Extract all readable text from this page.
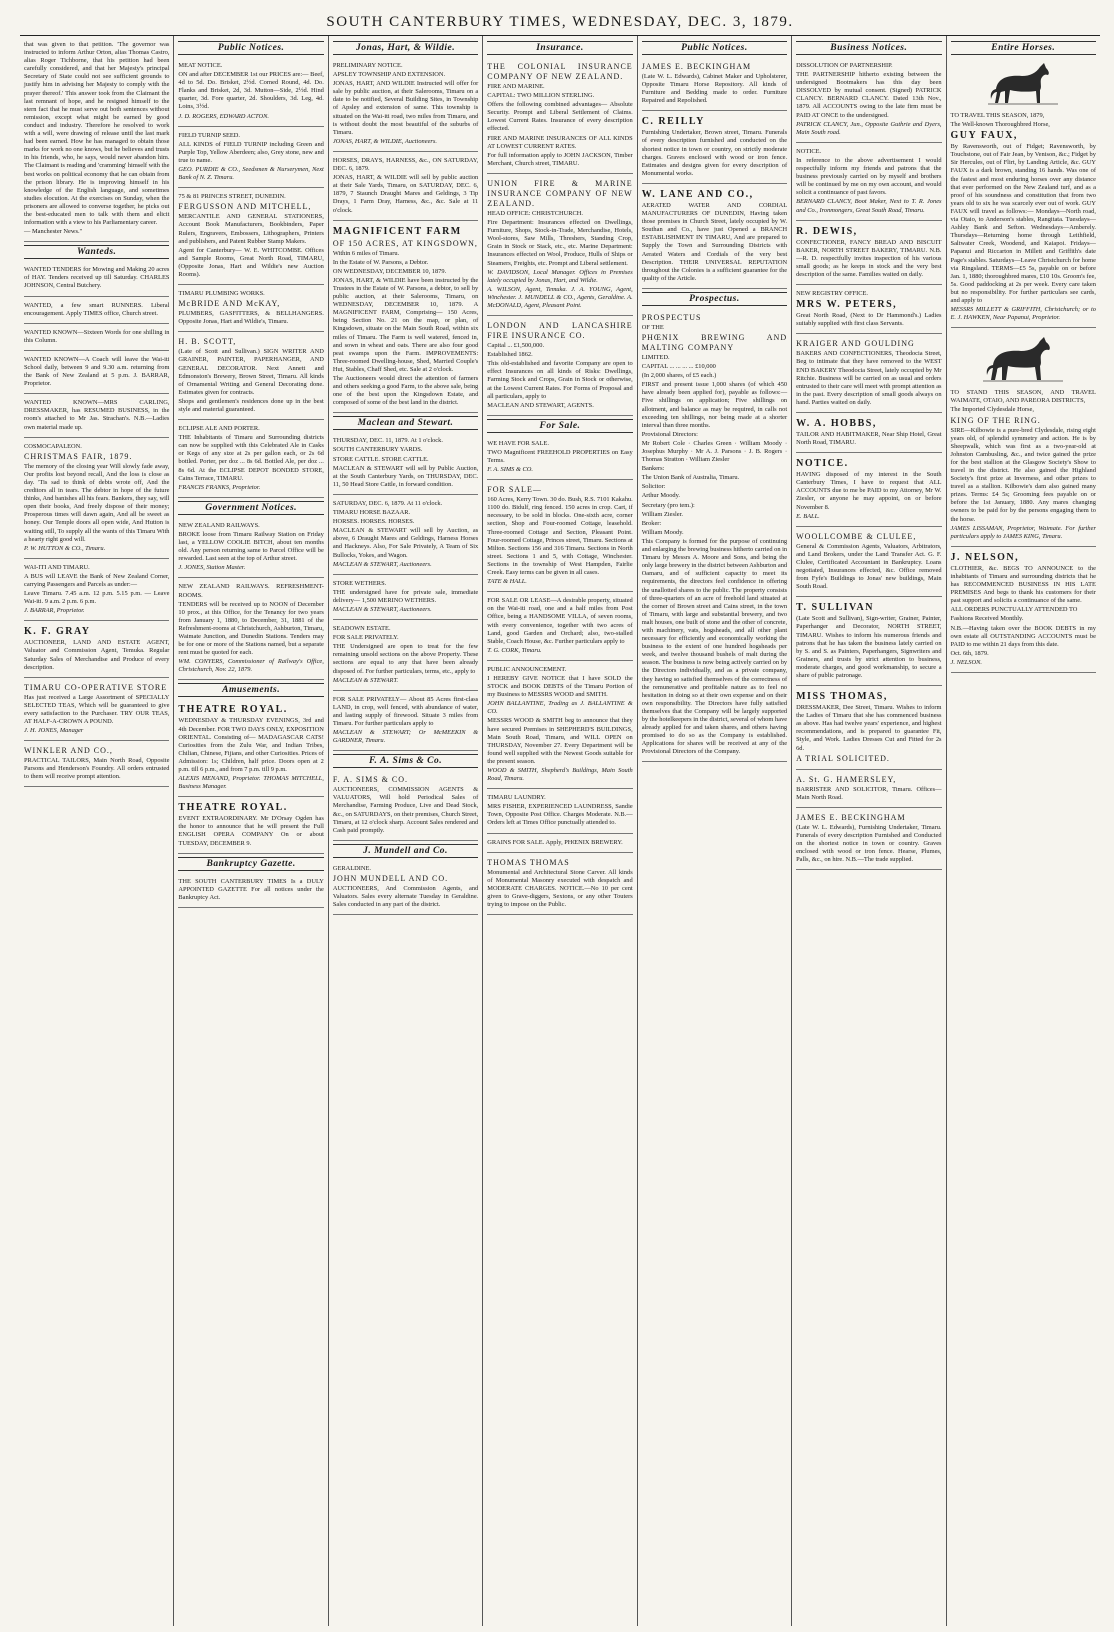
SOUTH CANTERBURY TIMES, WEDNESDAY, DEC. 3, 1879.

that was given to that petition. 'The governor was instructed to inform Arthur Orton, alias Thomas Castro, alias Roger Tichborne, that his petition had been carefully considered, and that her Majesty's principal Secretary of State could not see sufficient grounds to justify him in advising her Majesty to comply with the prayer thereof.' This answer took from the Claimant the last remnant of hope, and he resigned himself to the stern fact that he must serve out both sentences without remission, except what might be earned by good conduct and industry. Therefore he resolved to work with a will, were drawing of release until the last mark had been earned. How he has managed to obtain those marks for work no one knows, but he believes and trusts in his friends, who, he says, would never abandon him. The Claimant is reading and 'cramming' himself with the best works on political economy that he can obtain from the prison library. He is improving himself in his knowledge of the English language, and sometimes studies elocution. At the exercises on Sunday, when the prisoners are allowed to converse together, he picks out the best-educated men to talk with them and elicit information with a view to his Parliamentary career.

— Manchester News."

Wanteds.

WANTED TENDERS for Mowing and Making 20 acres of HAY. Tenders received up till Saturday. CHARLES JOHNSON, Central Butchery.

WANTED, a few smart RUNNERS. Liberal encouragement. Apply TIMES office, Church street.

WANTED KNOWN—Sixteen Words for one shilling in this Column.

WANTED KNOWN—A Coach will leave the Wai-iti School daily, between 9 and 9.30 a.m. returning from the Bank of New Zealand at 5 p.m. J. BARRAR, Proprietor.

WANTED KNOWN—MRS CARLING, DRESSMAKER, has RESUMED BUSINESS, in the room's attached to Mr Jas. Strachan's. N.B.—Ladies own material made up.

COSMOCAPALEON.

CHRISTMAS FAIR, 1879.

The memory of the closing year Will slowly fade away, Our profits lost beyond recall, And the loss is close as day. 'Tis sad to think of debts wrote off, And the creditors all in tears. The debtor in hope of the future thinks, And banishes all his fears. Bankers, they say, will open their books, And freely dispose of their money; Prosperous times will dawn again, And all be sweet as honey. Our Temple doors all open wide, And Hutton is waiting still, To supply all the wants of this Timaru With a hearty right good will.

P. W. HUTTON & CO., Timaru.

WAI-ITI AND TIMARU.

A BUS will LEAVE the Bank of New Zealand Corner, carrying Passengers and Parcels as under:—

Leave Timaru. 7.45 a.m. 12 p.m. 5.15 p.m. — Leave Wai-iti. 9 a.m. 2 p.m. 6 p.m.

J. BARRAR, Proprietor.

K. F. GRAY

AUCTIONEER, LAND AND ESTATE AGENT, Valuator and Commission Agent, Temuka. Regular Saturday Sales of Merchandise and Produce of every description.

TIMARU CO-OPERATIVE STORE

Has just received a Large Assortment of SPECIALLY SELECTED TEAS, Which will be guaranteed to give every satisfaction to the Purchaser. TRY OUR TEAS, AT HALF-A-CROWN A POUND.

J. H. JONES, Manager

WINKLER AND CO.,

PRACTICAL TAILORS, Main North Road, Opposite Parsons and Henderson's Foundry. All orders entrusted to them will receive prompt attention.

Public Notices.

MEAT NOTICE.

ON and after DECEMBER 1st our PRICES are:— Beef, 4d to 5d. Do. Brisket, 2½d. Corned Round, 4d. Do. Flanks and Brisket, 2d, 3d. Mutton—Side, 2½d. Hind quarter, 3d. Fore quarter, 2d. Shoulders, 3d. Leg, 4d. Loins, 3½d.

J. D. ROGERS, EDWARD ACTON.

FIELD TURNIP SEED.

ALL KINDS of FIELD TURNIP including Green and Purple Top, Yellow Aberdeen; also, Grey stone, new and true to name.

GEO. PURDIE & CO., Seedsmen & Nurserymen, Next Bank of N. Z. Timaru.

75 & 81 PRINCES STREET, DUNEDIN.

FERGUSSON AND MITCHELL,

MERCANTILE AND GENERAL STATIONERS, Account Book Manufacturers, Bookbinders, Paper Rulers, Engravers, Embossers, Lithographers, Printers and publishers, and Patent Rubber Stamp Makers.

Agent for Canterbury— W. E. WHITCOMBE. Offices and Sample Rooms, Great North Road, TIMARU, (Opposite Jonas, Hart and Wildie's new Auction Rooms).

TIMARU PLUMBING WORKS.

McBRIDE AND McKAY,

PLUMBERS, GASFITTERS, & BELLHANGERS. Opposite Jonas, Hart and Wildie's, Timaru.

H. B. SCOTT,

(Late of Scott and Sullivan.) SIGN WRITER AND GRAINER, PAINTER, PAPERHANGER, AND GENERAL DECORATOR. Next Annett and Edmonston's Brewery, Brown Street, Timaru. All kinds of Ornamental Writing and General Decorating done. Estimates given for contracts.

Shops and gentlemen's residences done up in the best style and material guaranteed.

ECLIPSE ALE AND PORTER.

THE Inhabitants of Timaru and Surrounding districts can now be supplied with this Celebrated Ale in Casks or Kegs of any size at 2s per gallon each, or 2s 6d bottled. Porter, per doz ... 8s 6d. Bottled Ale, per doz ... 8s 6d. At the ECLIPSE DEPOT BONDED STORE, Cains Terrace, TIMARU.

FRANCIS FRANKS, Proprietor.

Government Notices.

NEW ZEALAND RAILWAYS.

BROKE loose from Timaru Railway Station on Friday last, a YELLOW COOLIE BITCH, about ten months old. Any person returning same to Parcel Office will be rewarded. Last seen at the top of Arthur street.

J. JONES, Station Master.

NEW ZEALAND RAILWAYS. REFRESHMENT-ROOMS.

TENDERS will be received up to NOON of December 10 prox., at this Office, for the Tenancy for two years from January 1, 1880, to December, 31, 1881 of the Refreshment-rooms at Christchurch, Ashburton, Timaru, Waimate Junction, and Dunedin Stations. Tenders may be for one or more of the Stations named, but a separate rent must be quoted for each.

WM. CONYERS, Commissioner of Railway's Office, Christchurch, Nov. 22, 1879.

Amusements.

THEATRE ROYAL.

WEDNESDAY & THURSDAY EVENINGS, 3rd and 4th December. FOR TWO DAYS ONLY, EXPOSITION ORIENTAL. Consisting of— MADAGASCAR CATS! Curiosities from the Zulu War, and Indian Tribes, Chilian, Chinese, Fijians, and other Curiosities. Prices of Admission: 1s; Children, half price. Doors open at 2 p.m. till 6 p.m., and from 7 p.m. till 9 p.m.

ALEXIS MENAND, Proprietor. THOMAS MITCHELL, Business Manager.

THEATRE ROYAL.

EVENT EXTRAORDINARY. Mr D'Orsay Ogden has the honor to announce that he will present the Full ENGLISH OPERA COMPANY On or about TUESDAY, DECEMBER 9.

Bankruptcy Gazette.

THE SOUTH CANTERBURY TIMES Is a DULY APPOINTED GAZETTE For all notices under the Bankruptcy Act.

Jonas, Hart, & Wildie.

PRELIMINARY NOTICE.

APSLEY TOWNSHIP AND EXTENSION.

JONAS, HART, AND WILDIE Instructed will offer for sale by public auction, at their Salerooms, Timaru on a date to be notified, Several Building Sites, in Township of Apsley and extension of same. This township is situated on the Wai-iti road, two miles from Timaru, and is without doubt the most beautiful of the suburbs of Timaru.

JONAS, HART, & WILDIE, Auctioneers.

HORSES, DRAYS, HARNESS, &c., ON SATURDAY, DEC. 6, 1879.

JONAS, HART, & WILDIE will sell by public auction at their Sale Yards, Timaru, on SATURDAY, DEC. 6, 1879, 7 Staunch Draught Mares and Geldings, 3 Tip Drays, 1 Farm Dray, Harness, &c., &c. Sale at 11 o'clock.

MAGNIFICENT FARM

OF 150 ACRES, AT KINGSDOWN,

Within 6 miles of Timaru.

In the Estate of W. Parsons, a Debtor.

ON WEDNESDAY, DECEMBER 10, 1879.

JONAS, HART, & WILDIE have been instructed by the Trustees in the Estate of W. Parsons, a debtor, to sell by public auction, at their Salerooms, Timaru, on WEDNESDAY, DECEMBER 10, 1879. A MAGNIFICENT FARM, Comprising— 150 Acres, being Section No. 21 on the map, or plan, of Kingsdown, situate on the Main South Road, within six miles of Timaru. The Farm is well watered, fenced in, and sown in wheat and oats. There are also four good peat swamps upon the Farm. IMPROVEMENTS: Three-roomed Dwelling-house, Shed, Married Couple's Hut, Stables, Chaff Shed, etc. Sale at 2 o'clock.

The Auctioneers would direct the attention of farmers and others seeking a good Farm, to the above sale, being one of the best upon the Kingsdown Estate, and composed of some of the best land in the district.

Maclean and Stewart.

THURSDAY, DEC. 11, 1879. At 1 o'clock.

SOUTH CANTERBURY YARDS.

STORE CATTLE. STORE CATTLE.

MACLEAN & STEWART will sell by Public Auction, at the South Canterbury Yards, on THURSDAY, DEC. 11, 50 Head Store Cattle, in forward condition.

SATURDAY, DEC. 6, 1879. At 11 o'clock.

TIMARU HORSE BAZAAR.

HORSES. HORSES. HORSES.

MACLEAN & STEWART will sell by Auction, as above, 6 Draught Mares and Geldings, Harness Horses and Hackneys. Also, For Sale Privately, A Team of Six Bullocks, Yokes, and Wagon.

MACLEAN & STEWART, Auctioneers.

STORE WETHERS.

THE undersigned have for private sale, immediate delivery— 1,500 MERINO WETHERS.

MACLEAN & STEWART, Auctioneers.

SEADOWN ESTATE.

FOR SALE PRIVATELY.

THE Undersigned are open to treat for the few remaining unsold sections on the above Property. These sections are equal to any that have been already disposed of. For further particulars, terms, etc., apply to

MACLEAN & STEWART.

FOR SALE PRIVATELY— About 85 Acres first-class LAND, in crop, well fenced, with abundance of water, and lasting supply of firewood. Situate 3 miles from Timaru. For further particulars apply to

MACLEAN & STEWART; Or McMEEKIN & GARDNER, Timaru.

F. A. Sims & Co.

F. A. SIMS & CO.

AUCTIONEERS, COMMISSION AGENTS & VALUATORS, Will hold Periodical Sales of Merchandise, Farming Produce, Live and Dead Stock, &c., on SATURDAYS, on their premises, Church Street, Timaru, at 12 o'clock sharp. Account Sales rendered and Cash paid promptly.

J. Mundell and Co.

GERALDINE.

JOHN MUNDELL AND CO.

AUCTIONEERS, And Commission Agents, and Valuators. Sales every alternate Tuesday in Geraldine. Sales conducted in any part of the district.

Insurance.

THE COLONIAL INSURANCE COMPANY OF NEW ZEALAND.

FIRE AND MARINE.

CAPITAL: TWO MILLION STERLING.

Offers the following combined advantages— Absolute Security. Prompt and Liberal Settlement of Claims. Lowest Current Rates. Insurance of every description effected.

FIRE AND MARINE INSURANCES OF ALL KINDS AT LOWEST CURRENT RATES.

For full information apply to JOHN JACKSON, Timber Merchant, Church street, TIMARU.

UNION FIRE & MARINE INSURANCE COMPANY OF NEW ZEALAND.

HEAD OFFICE: CHRISTCHURCH.

Fire Department: Insurances effected on Dwellings, Furniture, Shops, Stock-in-Trade, Merchandise, Hotels, Wool-stores, Saw Mills, Threshers, Standing Crop, Grain in Stock or Stack, etc., etc. Marine Department: Insurances effected on Wool, Produce, Hulls of Ships or Steamers, Freights, etc. Prompt and Liberal settlement.

W. DAVIDSON, Local Manager. Offices in Premises lately occupied by Jonas, Hart, and Wildie.

A. WILSON, Agent, Temuka. J. A. YOUNG, Agent, Winchester. J. MUNDELL & CO., Agents, Geraldine. A. McDONALD, Agent, Pleasant Point.

LONDON AND LANCASHIRE FIRE INSURANCE CO.

Capital ... £1,500,000.

Established 1862.

This old-established and favorite Company are open to effect Insurances on all kinds of Risks: Dwellings, Farming Stock and Crops, Grain in Stock or otherwise, at the Lowest Current Rates. For Forms of Proposal and all particulars, apply to

MACLEAN AND STEWART, AGENTS.

For Sale.

WE HAVE FOR SALE.

TWO Magnificent FREEHOLD PROPERTIES on Easy Terms.

F. A. SIMS & CO.

FOR SALE—

160 Acres, Kerry Town. 30 do. Bush, R.S. 7101 Kakahu. 1100 do. Bidulf, ring fenced. 150 acres in crop. Cart, if necessary, to be sold in blocks. One-sixth acre, corner section, Shop and Four-roomed Cottage, leasehold. Three-roomed Cottage and Section, Pleasant Point. Four-roomed Cottage, Princes street, Timaru. Sections at Milton. Sections 156 and 316 Timaru. Sections in North street. Sections 1 and 5, with Cottage, Winchester. Sections in the township of West Hampden, Fairlie Creek. Easy terms can be given in all cases.

TATE & HALL.

FOR SALE OR LEASE—A desirable property, situated on the Wai-iti road, one and a half miles from Post Office, being a HANDSOME VILLA, of seven rooms, with every convenience, together with two acres of Land, good Garden and Orchard; also, two-stalled Stable, Coach House, &c. Further particulars apply to

T. G. CORK, Timaru.

PUBLIC ANNOUNCEMENT.

I HEREBY GIVE NOTICE that I have SOLD the STOCK and BOOK DEBTS of the Timaru Portion of my Business to MESSRS WOOD and SMITH.

JOHN BALLANTINE, Trading as J. BALLANTINE & CO.

MESSRS WOOD & SMITH beg to announce that they have secured Premises in SHEPHERD'S BUILDINGS, Main South Road, Timaru, and WILL OPEN on THURSDAY, November 27. Every Department will be found well supplied with the Newest Goods suitable for the present season.

WOOD & SMITH, Shepherd's Buildings, Main South Road, Timaru.

TIMARU LAUNDRY.

MRS FISHER, EXPERIENCED LAUNDRESS, Sandie Town, Opposite Post Office. Charges Moderate. N.B.—Orders left at Times Office punctually attended to.

GRAINS FOR SALE. Apply, PHŒNIX BREWERY.

THOMAS THOMAS

Monumental and Architectural Stone Carver. All kinds of Monumental Masonry executed with despatch and MODERATE CHARGES. NOTICE.—No 10 per cent given to Grave-diggers, Sextons, or any other Touters trying to impose on the Public.

Public Notices.

JAMES E. BECKINGHAM

(Late W. L. Edwards), Cabinet Maker and Upholsterer, Opposite Timaru Horse Repository. All kinds of Furniture and Bedding made to order. Furniture Repaired and Repolished.

C. REILLY

Furnishing Undertaker, Brown street, Timaru. Funerals of every description furnished and conducted on the shortest notice in town or country, on strictly moderate charges. Graves enclosed with wood or iron fence. Estimates and designs given for every description of Monumental works.

W. LANE AND CO.,

AERATED WATER AND CORDIAL MANUFACTURERS OF DUNEDIN, Having taken those premises in Church Street, lately occupied by W. Southan and Co., have just Opened a BRANCH ESTABLISHMENT IN TIMARU, And are prepared to Supply the Town and Surrounding Districts with Aerated Waters and Cordials of the very best Description. THEIR UNIVERSAL REPUTATION throughout the Colonies is a sufficient guarantee for the quality of the Article.

Prospectus.

PROSPECTUS

OF THE

PHŒNIX BREWING AND MALTING COMPANY

LIMITED.

CAPITAL ... ... ... ... £10,000

(In 2,000 shares, of £5 each.)

FIRST and present issue 1,000 shares (of which 450 have already been applied for), payable as follows:—Five shillings on application; Five shillings on allotment, and balance as may be required, in calls not exceeding ten shillings, nor being made at a shorter interval than three months.

Provisional Directors:

Mr Robert Cole · Charles Green · William Moody · Josephus Murphy · Mr A. J. Parsons · J. B. Rogers · Thomas Stratton · William Ziesler

Bankers:

The Union Bank of Australia, Timaru.

Solicitor:

Arthur Moody.

Secretary (pro tem.):

William Ziesler.

Broker:

William Moody.

This Company is formed for the purpose of continuing and enlarging the brewing business hitherto carried on in Timaru by Messrs A. Moore and Sons, and being the only large brewery in the district between Ashburton and Oamaru, and of sufficient capacity to meet its requirements, the directors feel confidence in offering the unallotted shares to the public. The property consists of three-quarters of an acre of freehold land situated at the corner of Brown street and Cains street, in the town of Timaru, with large and substantial brewery, and two malt houses, one built of stone and the other of concrete, with machinery, vats, hogsheads, and all other plant necessary for efficiently and economically working the business to the extent of one hundred hogsheads per week, and twelve thousand bushels of malt during the season. The business is now being actively carried on by the Directors individually, and as a private company, they having so satisfied themselves of the correctness of the remunerative and profitable nature as to feel no hesitation in doing so at their own expense and on their own responsibility. The Directors have fully satisfied themselves that the Company will be largely supported by the hotelkeepers in the district, several of whom have already applied for and taken shares, and others having promised to do so as the Company is established. Applications for shares will be received at any of the Provisional Directors of the Company.

Business Notices.

DISSOLUTION OF PARTNERSHIP.

THE PARTNERSHIP hitherto existing between the undersigned Bootmakers has this day been DISSOLVED by mutual consent. (Signed) PATRICK CLANCY. BERNARD CLANCY. Dated 13th Nov., 1879. All ACCOUNTS owing to the late firm must be PAID AT ONCE to the undersigned.

PATRICK CLANCY, Jun., Opposite Guthrie and Dyers, Main South road.

NOTICE.

In reference to the above advertisement I would respectfully inform my friends and patrons that the business previously carried on by myself and brothers will be continued by me on my own account, and would solicit a continuance of past favors.

BERNARD CLANCY, Boot Maker, Next to T. R. Jones and Co., Ironmongers, Great South Road, Timaru.

R. DEWIS,

CONFECTIONER, FANCY BREAD AND BISCUIT BAKER, NORTH STREET BAKERY, TIMARU. N.B.—R. D. respectfully invites inspection of his various small goods; as he keeps in stock and the very best description of the same. Families waited on daily.

NEW REGISTRY OFFICE.

MRS W. PETERS,

Great North Road, (Next to Dr Hammond's.) Ladies suitably supplied with first class Servants.

KRAIGER AND GOULDING

BAKERS AND CONFECTIONERS, Theodocia Street, Beg to intimate that they have removed to the WEST END BAKERY Theodocia Street, lately occupied by Mr Ritchie. Business will be carried on as usual and orders entrusted to their care will meet with prompt attention as in the past. Every description of small goods always on hand. Parties waited on daily.

W. A. HOBBS,

TAILOR AND HABITMAKER, Near Ship Hotel, Great North Road, TIMARU.

NOTICE.

HAVING disposed of my interest in the South Canterbury Times, I have to request that ALL ACCOUNTS due to me be PAID to my Attorney, Mr W. Ziesler, or anyone he may appoint, on or before November 8.

E. BALL.

WOOLLCOMBE & CLULEE,

General & Commission Agents, Valuators, Arbitrators, and Land Brokers, under the Land Transfer Act. G. F. Clulee, Certificated Accountant in Bankruptcy. Loans negotiated, Insurances effected, &c. Office removed from Fyfe's Buildings to Jonas' new buildings, Main South Road.

T. SULLIVAN

(Late Scott and Sullivan), Sign-writer, Grainer, Painter, Paperhanger and Decorator, NORTH STREET, TIMARU. Wishes to inform his numerous friends and patrons that he has taken the business lately carried on by S. and S. as Painters, Paperhangers, Signwriters and Grainers, and trusts by strict attention to business, moderate charges, and good workmanship, to secure a share of public patronage.

MISS THOMAS,

DRESSMAKER, Dee Street, Timaru. Wishes to inform the Ladies of Timaru that she has commenced business as above. Has had twelve years' experience, and highest recommendations, and is prepared to guarantee Fit, Style, and Work. Ladies Dresses Cut and Fitted for 2s 6d.

A TRIAL SOLICITED.

A. St. G. HAMERSLEY,

BARRISTER AND SOLICITOR, Timaru. Offices—Main North Road.

JAMES E. BECKINGHAM

(Late W. L. Edwards), Furnishing Undertaker, Timaru. Funerals of every description Furnished and Conducted on the shortest notice in town or country. Graves enclosed with wood or iron fence. Hearse, Plumes, Palls, &c., on hire. N.B.—The trade supplied.

Entire Horses.

TO TRAVEL THIS SEASON, 1879,

The Well-known Thoroughbred Horse,

GUY FAUX,

By Ravensworth, out of Fidget; Ravensworth, by Touchstone, out of Fair Jean, by Venison, &c.; Fidget by Sir Hercules, out of Flirt, by Landing Article, &c. GUY FAUX is a dark brown, standing 16 hands. Was one of the fastest and most enduring horses over any distance that ever performed on the New Zealand turf, and as a proof of his soundness and constitution that from two years old to six he was scarcely ever out of work. GUY FAUX will travel as follows:— Mondays—North road, via Otaio, to Anderson's stables, Rangitata. Tuesdays—Ashley Bank and Sefton. Wednesdays—Amberely. Thursdays—Returning home through Leithfield, Saltwater Creek, Woodend, and Kaiapoi. Fridays—Papanui and Riccarton in Millett and Griffith's date Page's stables. Saturdays—Leave Christchurch for home via Ringsland. TERMS—£5 5s, payable on or before Jan. 1, 1880; thoroughbred mares, £10 10s. Groom's fee, 5s. Good paddocking at 2s per week. Every care taken but no responsibility. For further particulars see cards, and apply to

MESSRS MILLETT & GRIFFITH, Christchurch; or to E. J. HAWKEN, Near Papanui, Proprietor.

TO STAND THIS SEASON, AND TRAVEL WAIMATE, OTAIO, AND PAREORA DISTRICTS,

The Imported Clydesdale Horse,

KING OF THE RING.

SIRE—Kilbowie is a pure-bred Clydesdale, rising eight years old, of splendid symmetry and action. He is by Sheepwalk, which was first as a two-year-old at Johnston Cambusling, &c., and twice gained the prize for the best stallion at the Glasgow Society's Show to travel in the district. He also gained the Highland Society's first prize at Inverness, and other prizes to travel as a stallion. Kilbowie's dam also gained many prizes. Terms: £4 5s; Grooming fees payable on or before the 1st January, 1880. Any mares changing owners to be paid for by the persons engaging them to the horse.

JAMES LISSAMAN, Proprietor, Waimate. For further particulars apply to JAMES KING, Timaru.

J. NELSON,

CLOTHIER, &c. BEGS TO ANNOUNCE to the inhabitants of Timaru and surrounding districts that he has RECOMMENCED BUSINESS IN HIS LATE PREMISES And begs to thank his customers for their past support and solicits a continuance of the same.

ALL ORDERS PUNCTUALLY ATTENDED TO

Fashions Received Monthly.

N.B.—Having taken over the BOOK DEBTS in my own estate all OUTSTANDING ACCOUNTS must be PAID to me within 21 days from this date.

Oct. 6th, 1879.

J. NELSON.
